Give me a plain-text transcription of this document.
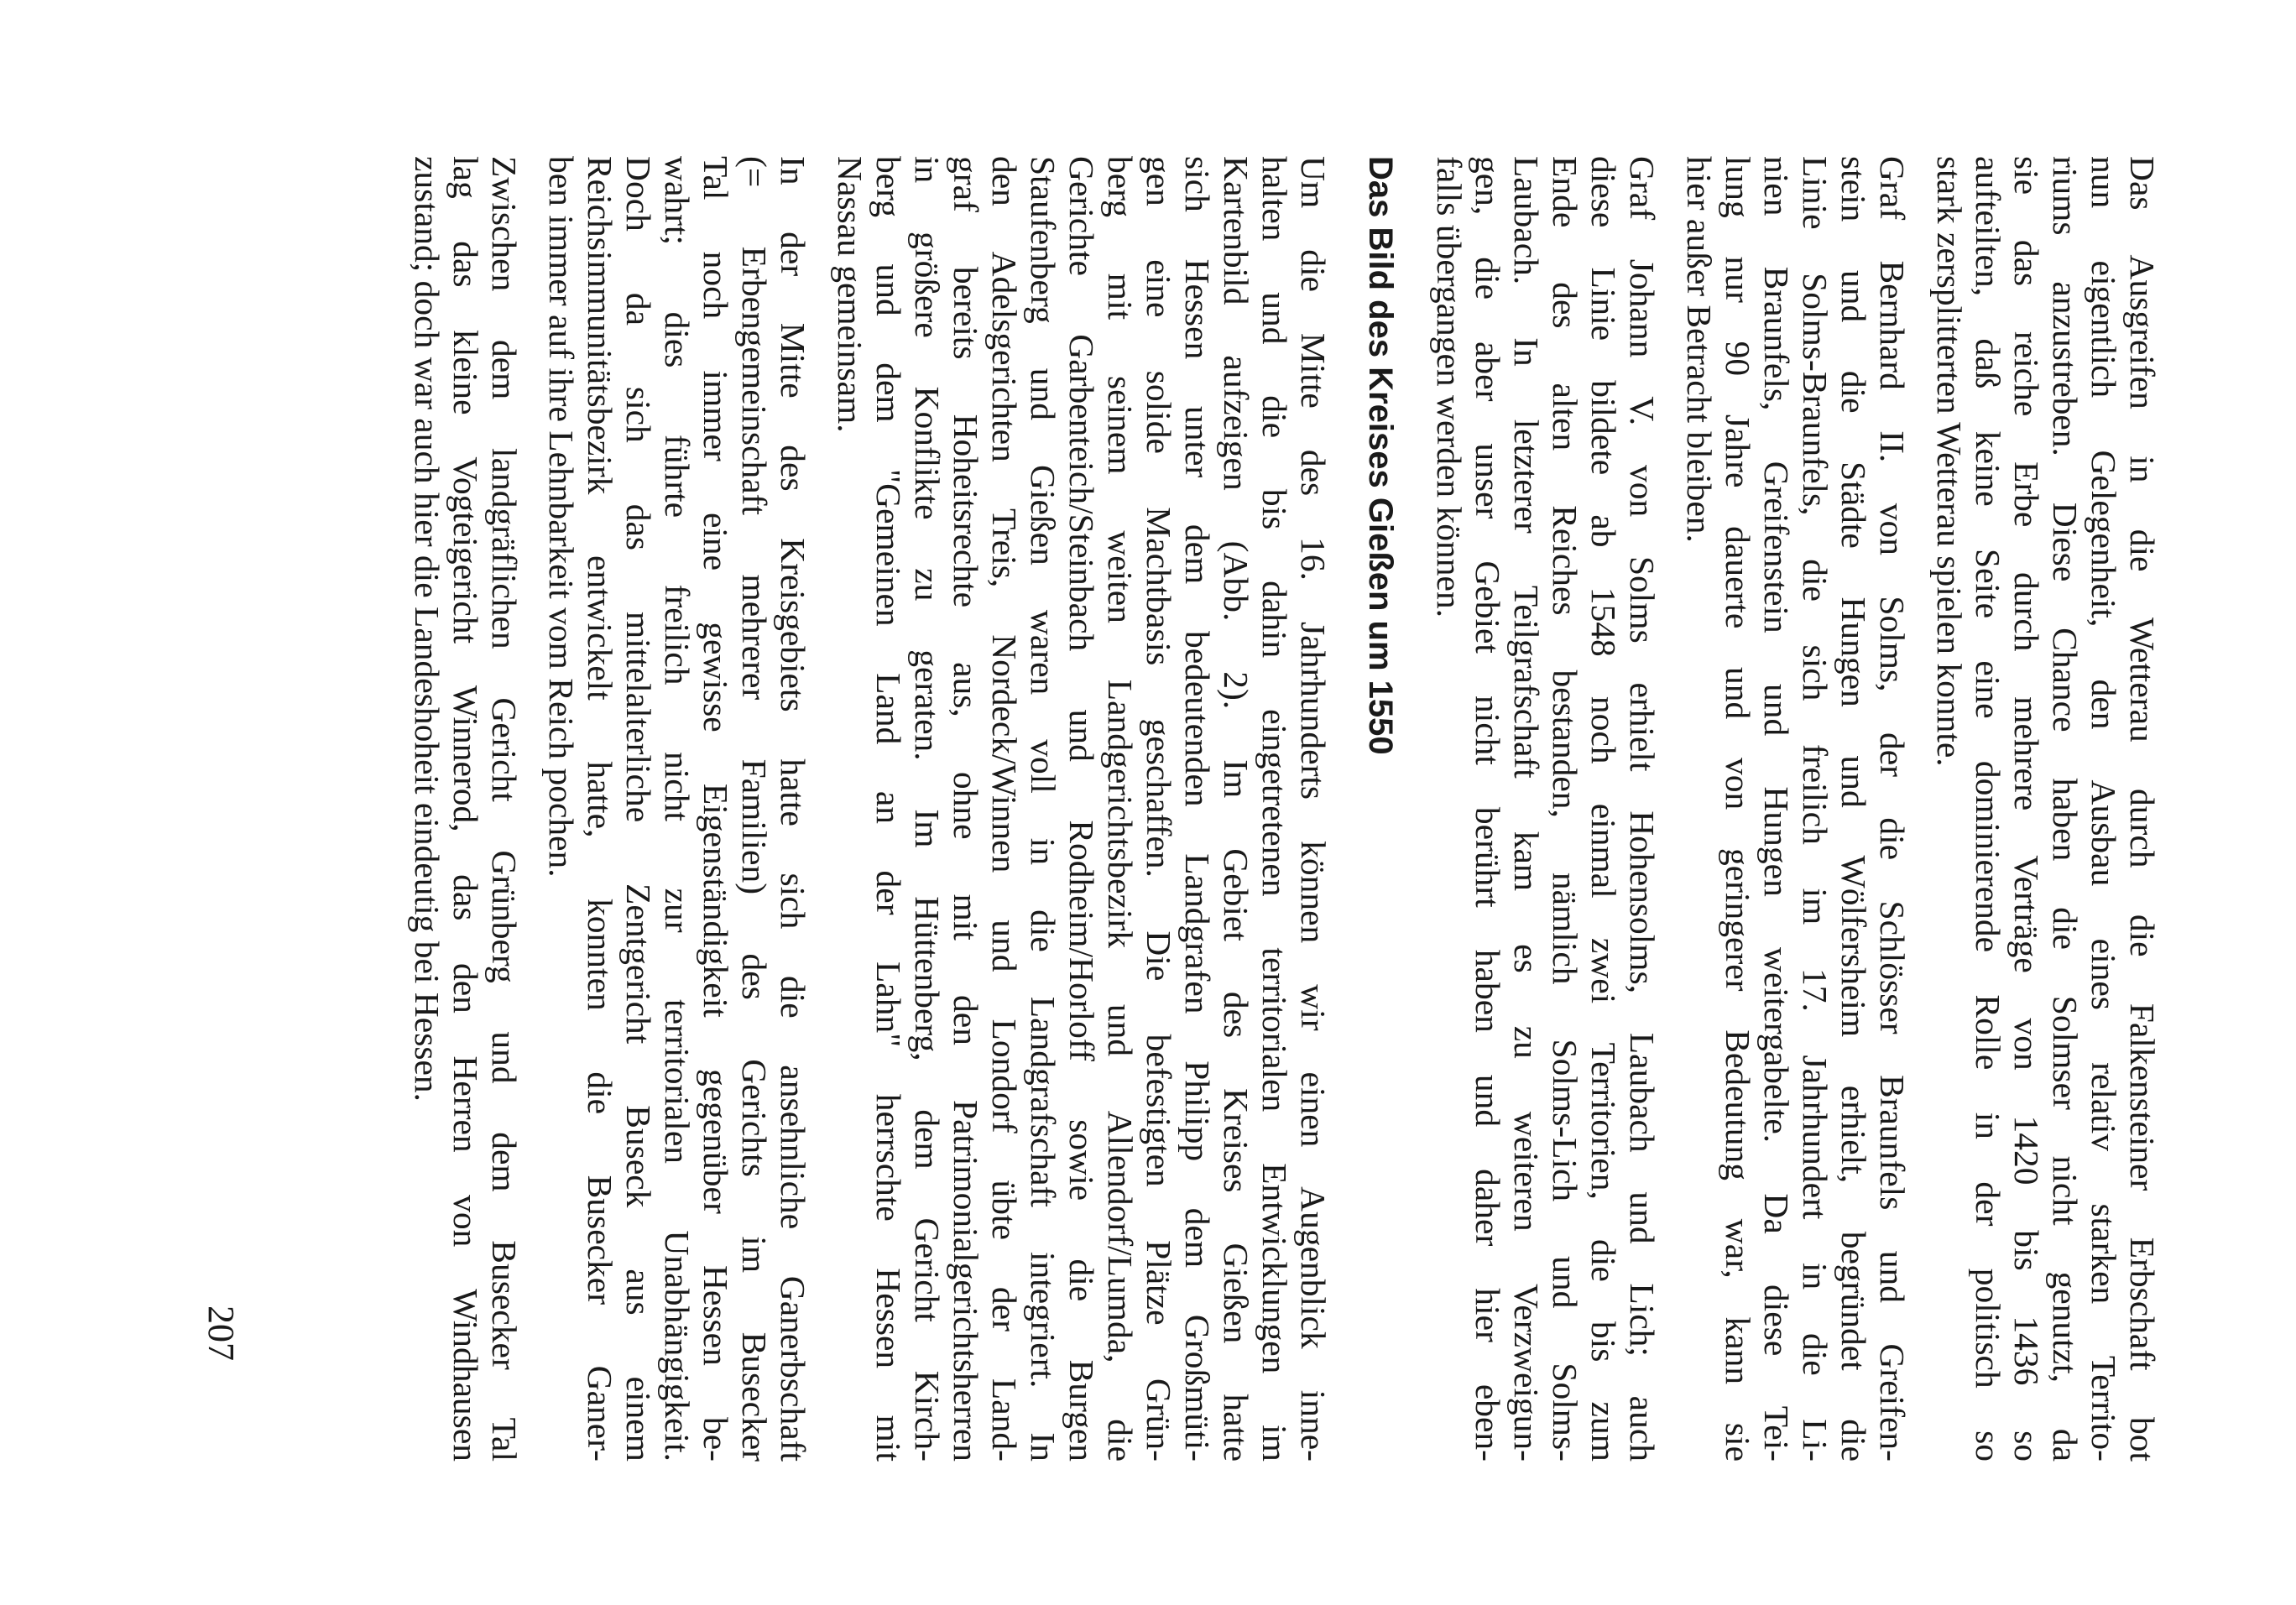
Das Ausgreifen in die Wetterau durch die Falkensteiner Erbschaft bot
nun eigentlich Gelegenheit, den Ausbau eines relativ starken Territo-
riums anzustreben. Diese Chance haben die Solmser nicht genutzt, da
sie das reiche Erbe durch mehrere Verträge von 1420 bis 1436 so
aufteilten, daß keine Seite eine dominierende Rolle in der politisch so
stark zersplitterten Wetterau spielen konnte.
Graf Bernhard II. von Solms, der die Schlösser Braunfels und Greifen-
stein und die Städte Hungen und Wölfersheim erhielt, begründet die
Linie Solms-Braunfels, die sich freilich im 17. Jahrhundert in die Li-
nien Braunfels, Greifenstein und Hungen weitergabelte. Da diese Tei-
lung nur 90 Jahre dauerte und von geringerer Bedeutung war, kann sie
hier außer Betracht bleiben.
Graf Johann V. von Solms erhielt Hohensolms, Laubach und Lich; auch
diese Linie bildete ab 1548 noch einmal zwei Territorien, die bis zum
Ende des alten Reiches bestanden, nämlich Solms-Lich und Solms-
Laubach. In letzterer Teilgrafschaft kam es zu weiteren Verzweigun-
gen, die aber unser Gebiet nicht berührt haben und daher hier eben-
falls übergangen werden können.
Das Bild des Kreises Gießen um 1550
Um die Mitte des 16. Jahrhunderts können wir einen Augenblick inne-
halten und die bis dahin eingetretenen territorialen Entwicklungen im
Kartenbild aufzeigen (Abb. 2). Im Gebiet des Kreises Gießen hatte
sich Hessen unter dem bedeutenden Landgrafen Philipp dem Großmüti-
gen eine solide Machtbasis geschaffen. Die befestigten Plätze Grün-
berg mit seinem weiten Landgerichtsbezirk und Allendorf/Lumda, die
Gerichte Garbenteich/Steinbach und Rodheim/Horloff sowie die Burgen
Staufenberg und Gießen waren voll in die Landgrafschaft integriert. In
den Adelsgerichten Treis, Nordeck/Winnen und Londorf übte der Land-
graf bereits Hoheitsrechte aus, ohne mit den Patrimonialgerichtsherren
in größere Konflikte zu geraten. Im Hüttenberg, dem Gericht Kirch-
berg und dem "Gemeinen Land an der Lahn" herrschte Hessen mit
Nassau gemeinsam.
In der Mitte des Kreisgebiets hatte sich die ansehnliche Ganerbschaft
(= Erbengemeinschaft mehrerer Familien) des Gerichts im Busecker
Tal noch immer eine gewisse Eigenständigkeit gegenüber Hessen be-
wahrt; dies führte freilich nicht zur territorialen Unabhängigkeit.
Doch da sich das mittelalterliche Zentgericht Buseck aus einem
Reichsimmunitätsbezirk entwickelt hatte, konnten die Busecker Ganer-
ben immer auf ihre Lehnbarkeit vom Reich pochen.
Zwischen dem landgräflichen Gericht Grünberg und dem Busecker Tal
lag das kleine Vogteigericht Winnerod, das den Herren von Windhausen
zustand; doch war auch hier die Landeshoheit eindeutig bei Hessen.
207
